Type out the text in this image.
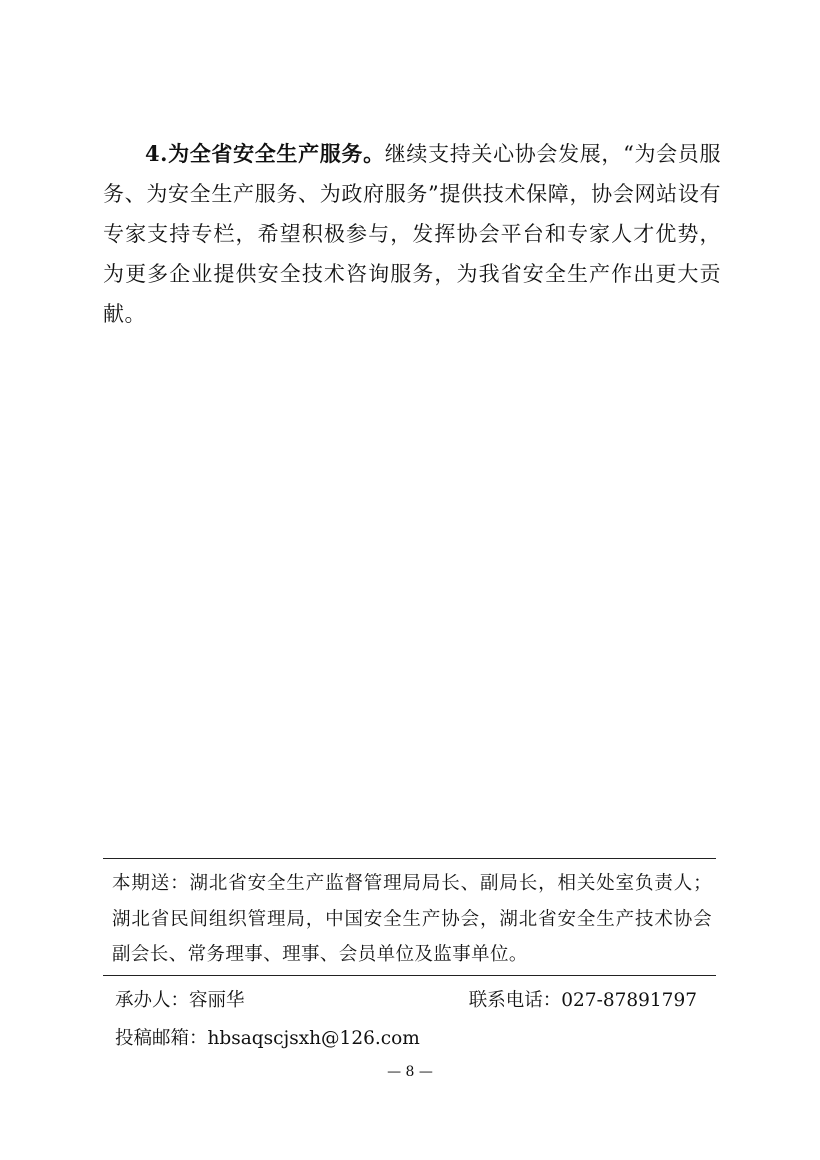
4.为全省安全生产服务。继续支持关心协会发展，“为会员服务、为安全生产服务、为政府服务”提供技术保障，协会网站设有专家支持专栏，希望积极参与，发挥协会平台和专家人才优势，为更多企业提供安全技术咨询服务，为我省安全生产作出更大贡献。

本期送：湖北省安全生产监督管理局局长、副局长，相关处室负责人；湖北省民间组织管理局，中国安全生产协会，湖北省安全生产技术协会副会长、常务理事、理事、会员单位及监事单位。

承办人：容丽华	联系电话：027-87891797
投稿邮箱：hbsaqscjsxh@126.com
— 8 —
